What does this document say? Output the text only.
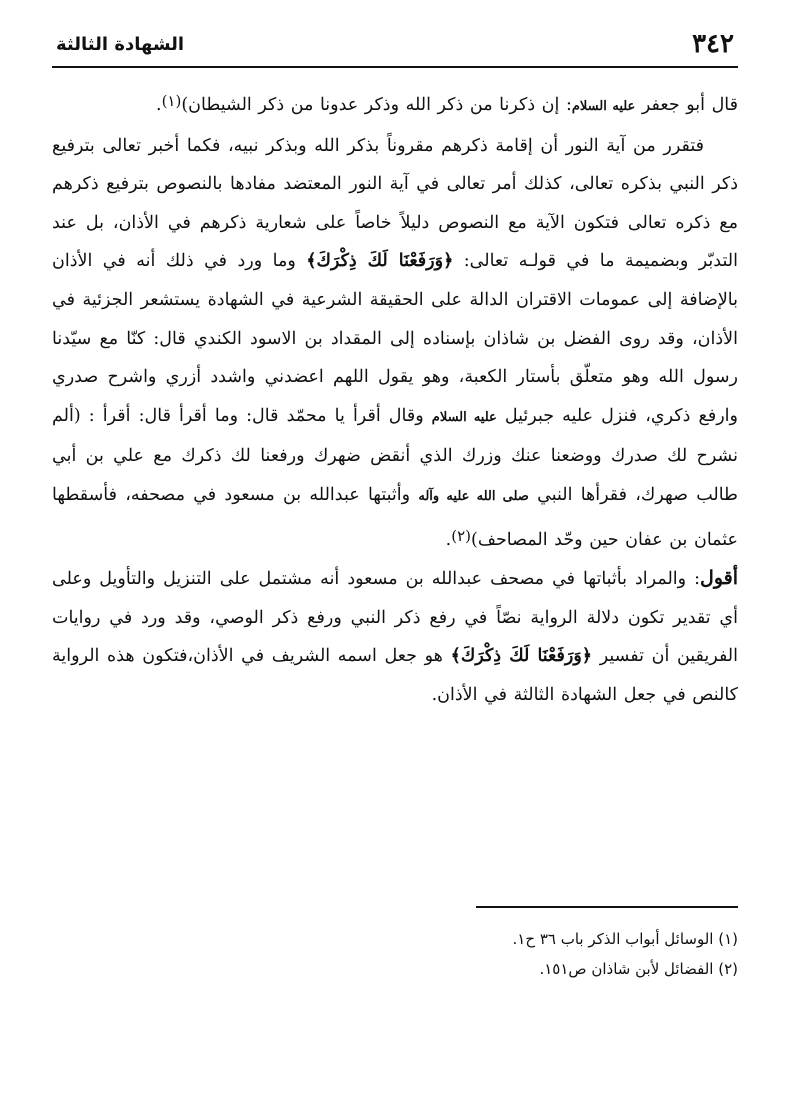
٣٤٢
الشهادة الثالثة

قال أبو جعفر عليه السلام: إن ذكرنا من ذكر الله وذكر عدونا من ذكر الشيطان)(١).

فتقرر من آية النور أن إقامة ذكرهم مقروناً بذكر الله وبذكر نبيه، فكما أخبر تعالى بترفيع ذكر النبي بذكره تعالى، كذلك أمر تعالى في آية النور المعتضد مفادها بالنصوص بترفيع ذكرهم مع ذكره تعالى فتكون الآية مع النصوص دليلاً خاصاً على شعارية ذكرهم في الأذان، بل عند التدبّر وبضميمة ما في قولـه تعالى: ﴿وَرَفَعْنَا لَكَ ذِكْرَكَ﴾ وما ورد في ذلك أنه في الأذان بالإضافة إلى عمومات الاقتران الدالة على الحقيقة الشرعية في الشهادة يستشعر الجزئية في الأذان، وقد روى الفضل بن شاذان بإسناده إلى المقداد بن الاسود الكندي قال: كنّا مع سيّدنا رسول الله وهو متعلّق بأستار الكعبة، وهو يقول اللهم اعضدني واشدد أزري واشرح صدري وارفع ذكري، فنزل عليه جبرئيل عليه السلام وقال أقرأ يا محمّد قال: وما أقرأ قال: أقرأ : (ألم نشرح لك صدرك ووضعنا عنك وزرك الذي أنقض ضهرك ورفعنا لك ذكرك مع علي بن أبي طالب صهرك، فقرأها النبي صلى الله عليه وآله وأثبتها عبدالله بن مسعود في مصحفه، فأسقطها عثمان بن عفان حين وحّد المصاحف)(٢).

أقول: والمراد بأثباتها في مصحف عبدالله بن مسعود أنه مشتمل على التنزيل والتأويل وعلى أي تقدير تكون دلالة الرواية نصّاً في رفع ذكر النبي ورفع ذكر الوصي، وقد ورد في روايات الفريقين أن تفسير ﴿وَرَفَعْنَا لَكَ ذِكْرَكَ﴾ هو جعل اسمه الشريف في الأذان،فتكون هذه الرواية كالنص في جعل الشهادة الثالثة في الأذان.

(١) الوسائل أبواب الذكر باب ٣٦ ح١.
(٢) الفضائل لأبن شاذان ص١٥١.
